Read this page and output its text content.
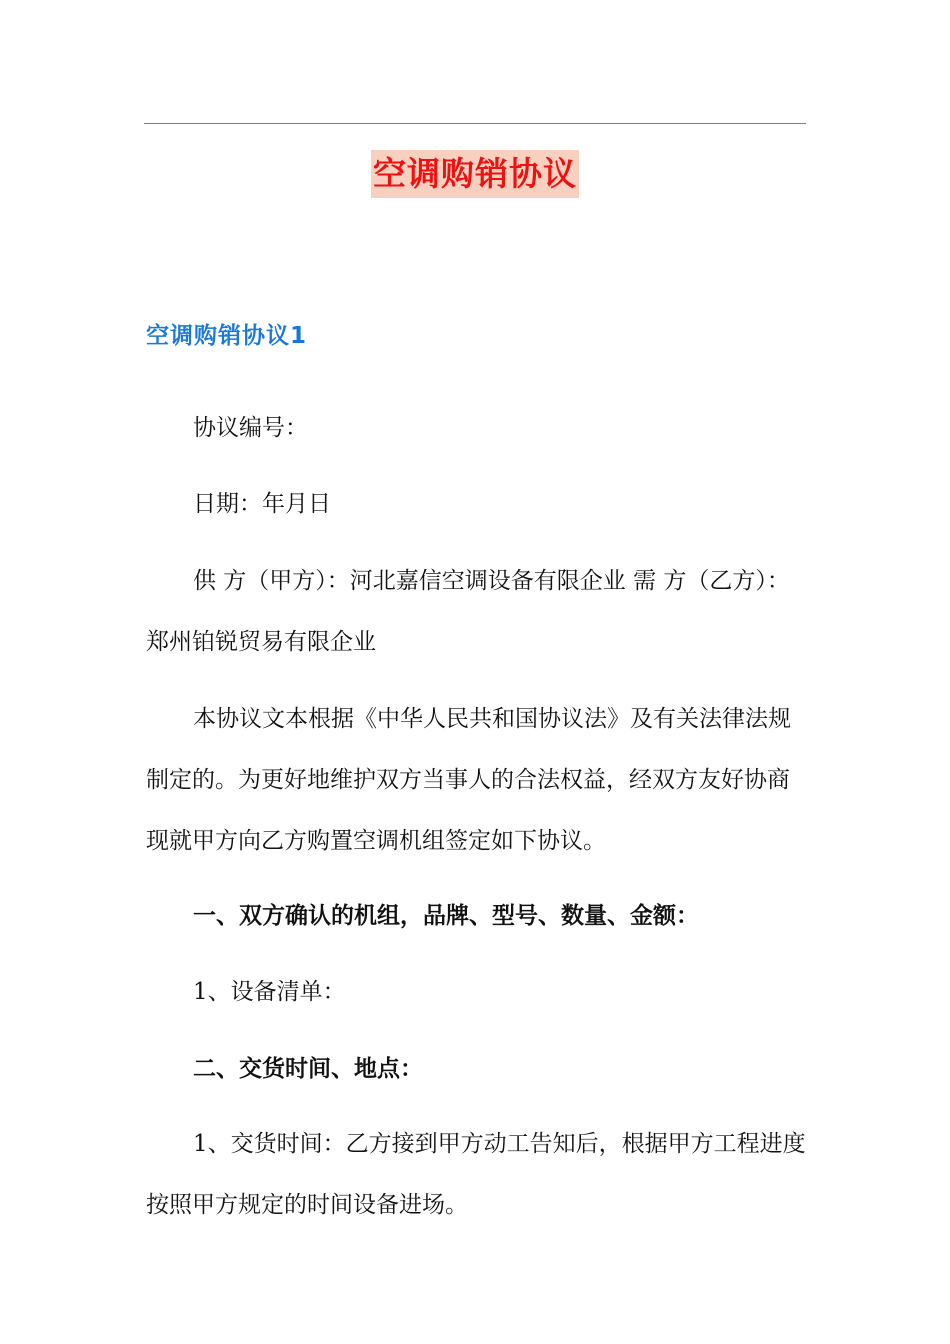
空调购销协议
空调购销协议1
协议编号：
日期：年月日
供 方（甲方）：河北嘉信空调设备有限企业 需 方（乙方）：
郑州铂锐贸易有限企业
本协议文本根据《中华人民共和国协议法》及有关法律法规
制定的。为更好地维护双方当事人的合法权益，经双方友好协商
现就甲方向乙方购置空调机组签定如下协议。
一、双方确认的机组，品牌、型号、数量、金额：
1、设备清单：
二、交货时间、地点：
1、交货时间：乙方接到甲方动工告知后，根据甲方工程进度
按照甲方规定的时间设备进场。
